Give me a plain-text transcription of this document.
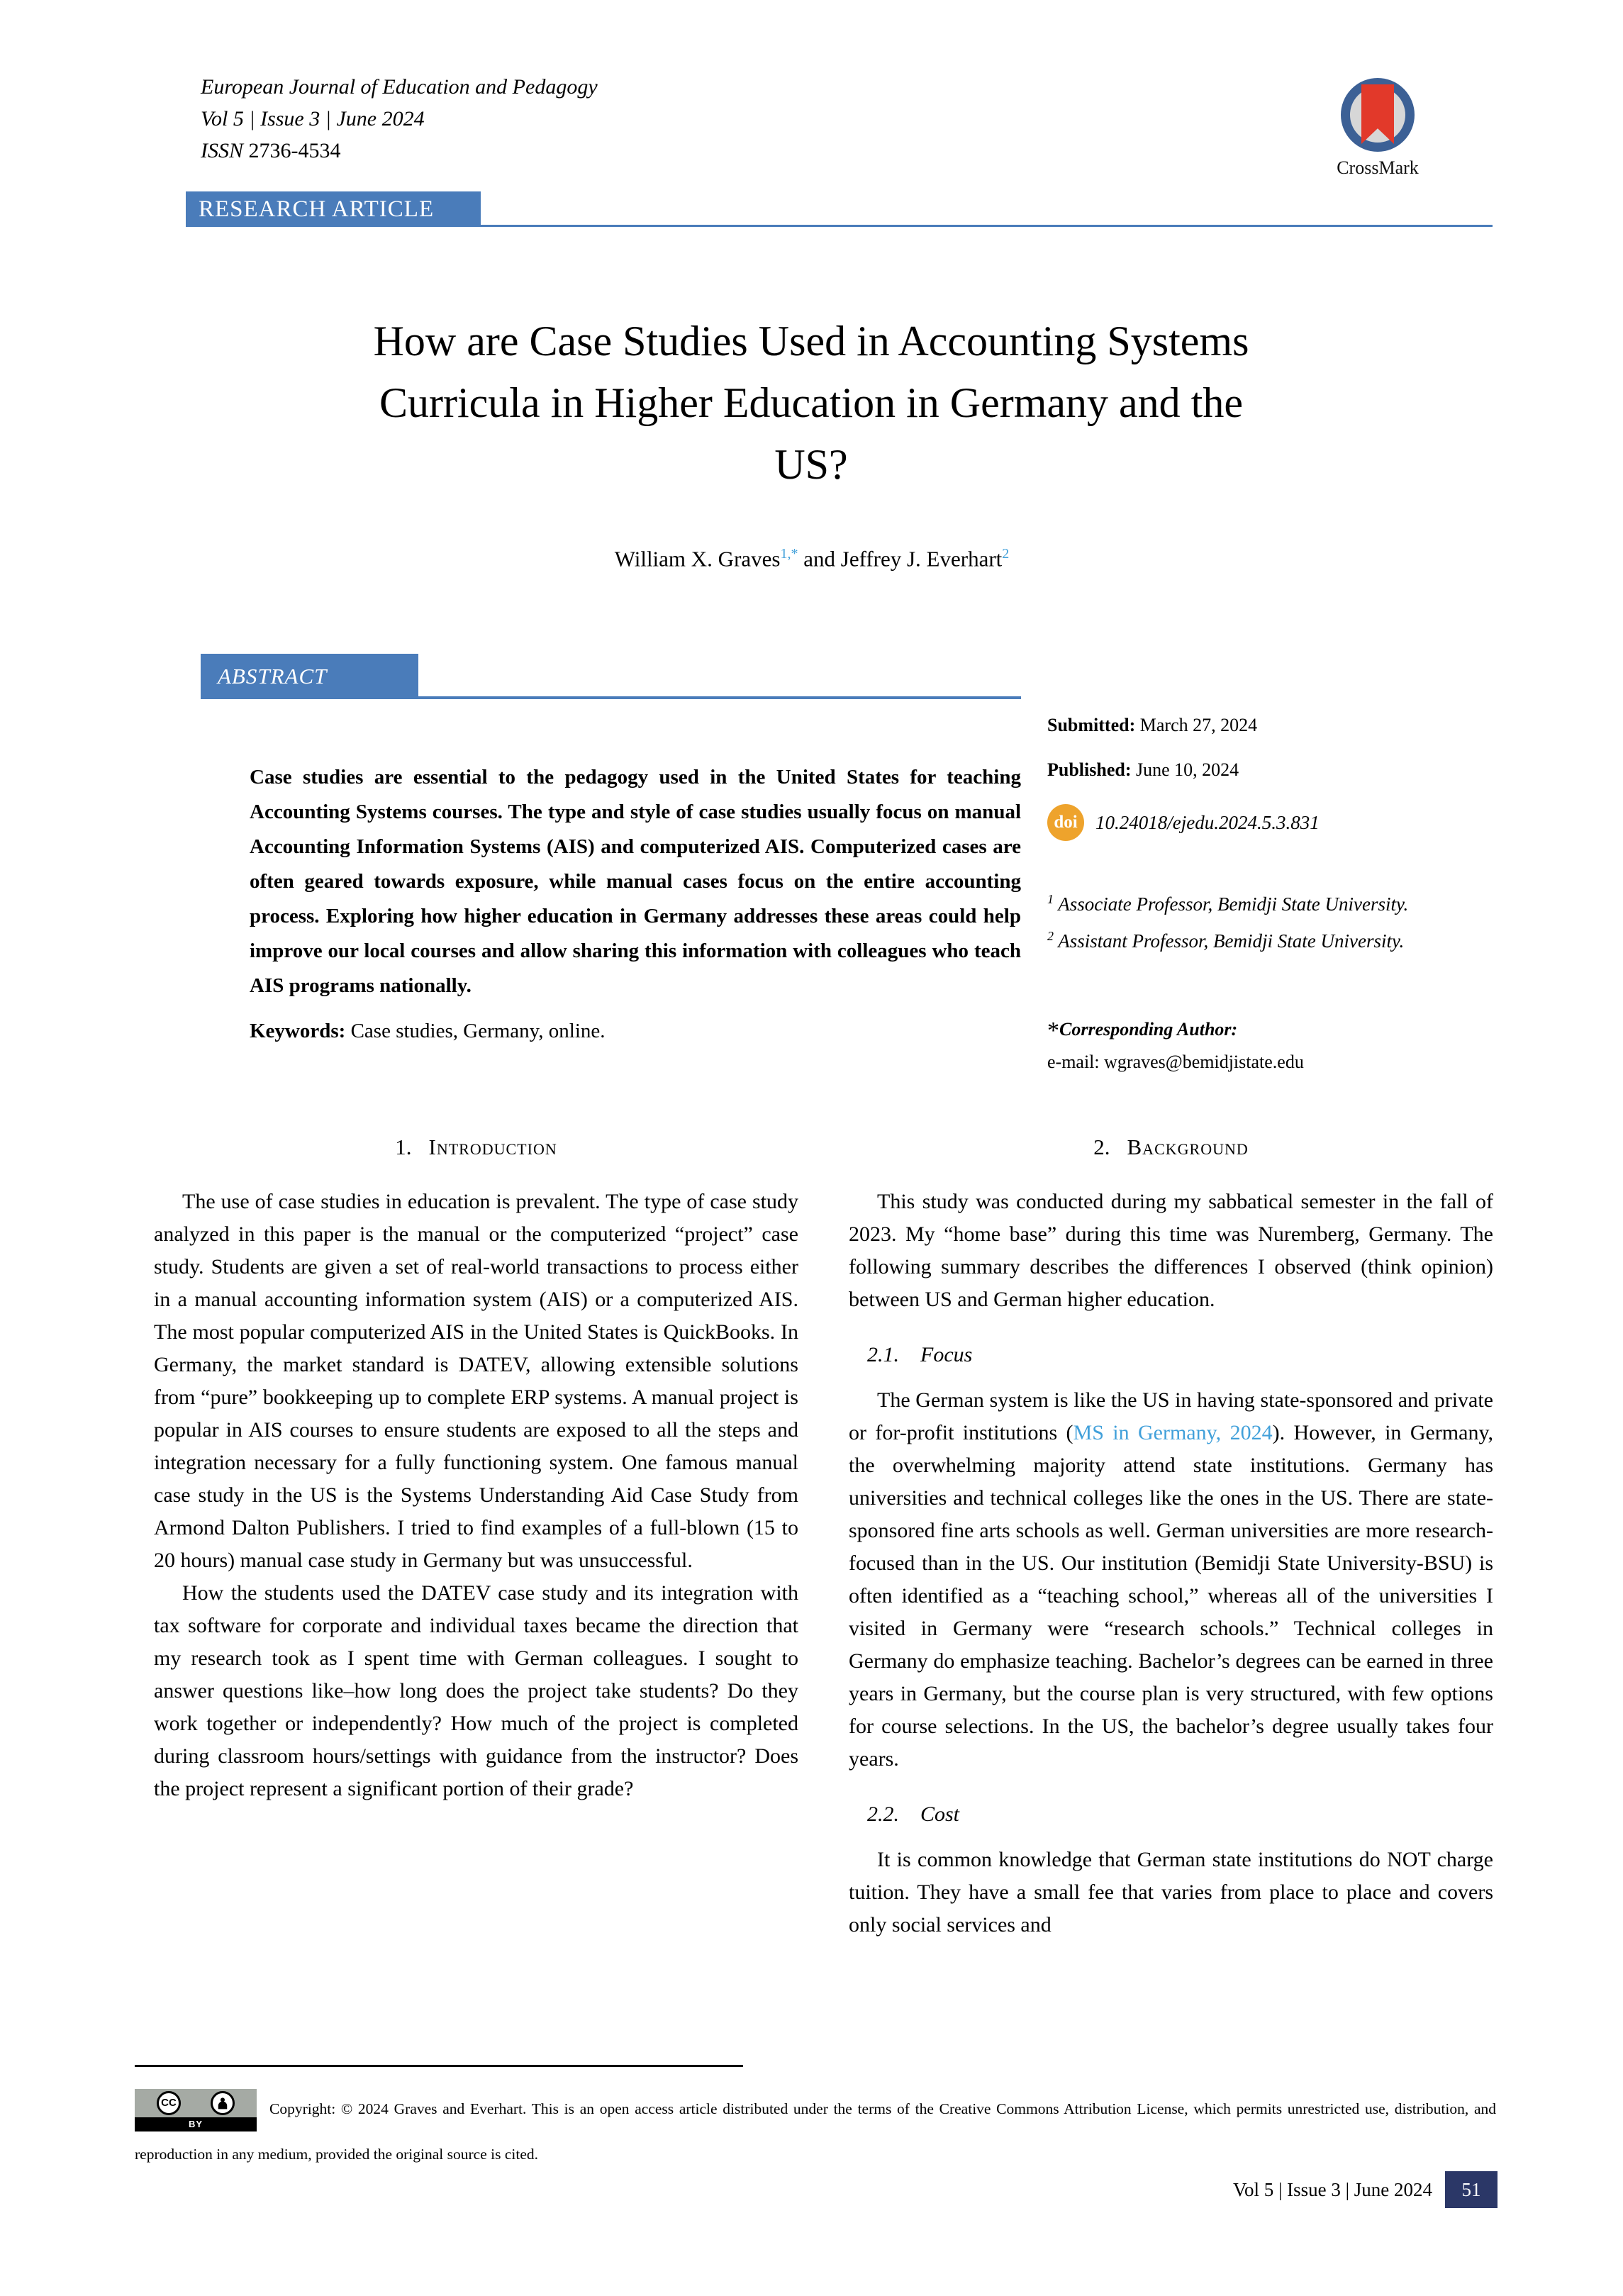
European Journal of Education and Pedagogy
Vol 5 | Issue 3 | June 2024
ISSN 2736-4534
CrossMark
RESEARCH ARTICLE
How are Case Studies Used in Accounting Systems Curricula in Higher Education in Germany and the US?
William X. Graves$^{1,*}$ and Jeffrey J. Everhart$^2$
ABSTRACT

Case studies are essential to the pedagogy used in the United States for teaching Accounting Systems courses. The type and style of case studies usually focus on manual Accounting Information Systems (AIS) and computerized AIS. Computerized cases are often geared towards exposure, while manual cases focus on the entire accounting process. Exploring how higher education in Germany addresses these areas could help improve our local courses and allow sharing this information with colleagues who teach AIS programs nationally.

Keywords: Case studies, Germany, online.

Submitted: March 27, 2024

Published: June 10, 2024

doi 10.24018/ejedu.2024.5.3.831

$^1$ Associate Professor, Bemidji State University.

$^2$ Assistant Professor, Bemidji State University.

*Corresponding Author:
e-mail: wgraves@bemidjistate.edu
1. Introduction

The use of case studies in education is prevalent. The type of case study analyzed in this paper is the manual or the computerized “project” case study. Students are given a set of real-world transactions to process either in a manual accounting information system (AIS) or a computerized AIS. The most popular computerized AIS in the United States is QuickBooks. In Germany, the market standard is DATEV, allowing extensible solutions from “pure” bookkeeping up to complete ERP systems. A manual project is popular in AIS courses to ensure students are exposed to all the steps and integration necessary for a fully functioning system. One famous manual case study in the US is the Systems Understanding Aid Case Study from Armond Dalton Publishers. I tried to find examples of a full-blown (15 to 20 hours) manual case study in Germany but was unsuccessful.

How the students used the DATEV case study and its integration with tax software for corporate and individual taxes became the direction that my research took as I spent time with German colleagues. I sought to answer questions like–how long does the project take students? Do they work together or independently? How much of the project is completed during classroom hours/settings with guidance from the instructor? Does the project represent a significant portion of their grade?

2. Background

This study was conducted during my sabbatical semester in the fall of 2023. My “home base” during this time was Nuremberg, Germany. The following summary describes the differences I observed (think opinion) between US and German higher education.

2.1. Focus

The German system is like the US in having state-sponsored and private or for-profit institutions (MS in Germany, 2024). However, in Germany, the overwhelming majority attend state institutions. Germany has universities and technical colleges like the ones in the US. There are state-sponsored fine arts schools as well. German universities are more research-focused than in the US. Our institution (Bemidji State University-BSU) is often identified as a “teaching school,” whereas all of the universities I visited in Germany were “research schools.” Technical colleges in Germany do emphasize teaching. Bachelor’s degrees can be earned in three years in Germany, but the course plan is very structured, with few options for course selections. In the US, the bachelor’s degree usually takes four years.

2.2. Cost

It is common knowledge that German state institutions do NOT charge tuition. They have a small fee that varies from place to place and covers only social services and

CC
BY
Copyright: © 2024 Graves and Everhart. This is an open access article distributed under the terms of the Creative Commons Attribution License, which permits unrestricted use, distribution, and reproduction in any medium, provided the original source is cited.
Vol 5 | Issue 3 | June 2024	51
